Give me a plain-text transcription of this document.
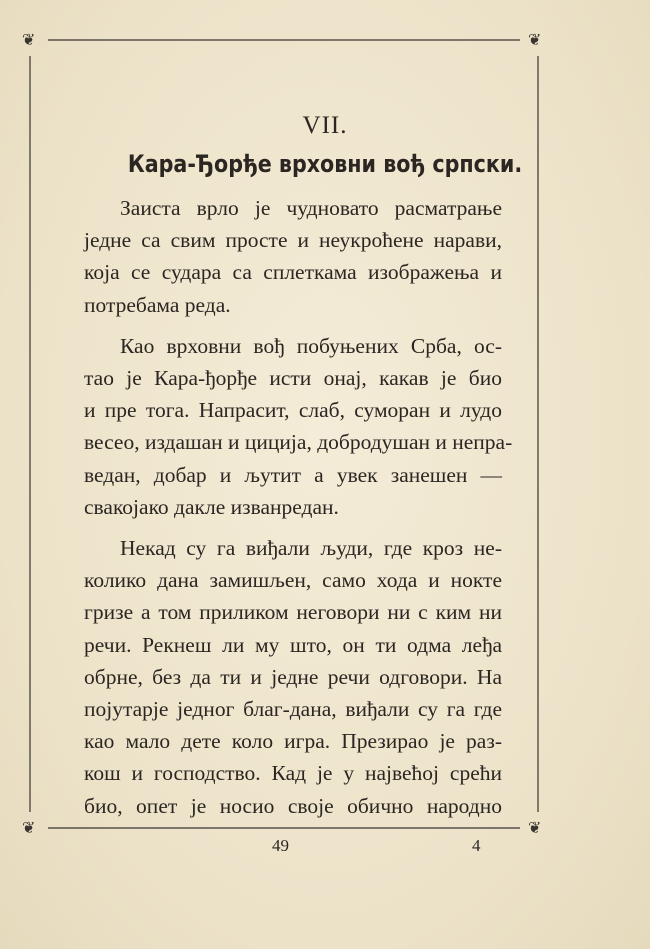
❦	❦
❦	❦
VII.
Кара-Ђорђе врховни вођ српски.
Заиста врло је чудновато расматрање
једне са свим просте и неукроћене нарави,
која се судара са сплеткама изображења и
потребама реда.
Као врховни вођ побуњених Срба, ос-
тао је Кара-ђорђе исти онај, какав је био
и пре тога. Напрасит, слаб, суморан и лудо
весео, издашан и циција, добродушан и непра-
ведан, добар и љутит а увек занешен —
свакојако дакле изванредан.
Некад су га виђали људи, где кроз не-
колико дана замишљен, само хода и нокте
гризе а том приликом неговори ни с ким ни
речи. Рекнеш ли му што, он ти одма леђа
обрне, без да ти и једне речи одговори. На
појутарје једног благ-дана, виђали су га где
као мало дете коло игра. Презирао је раз-
кош и господство. Кад је у највећој срећи
био, опет је носио своје обично народно
49	4
